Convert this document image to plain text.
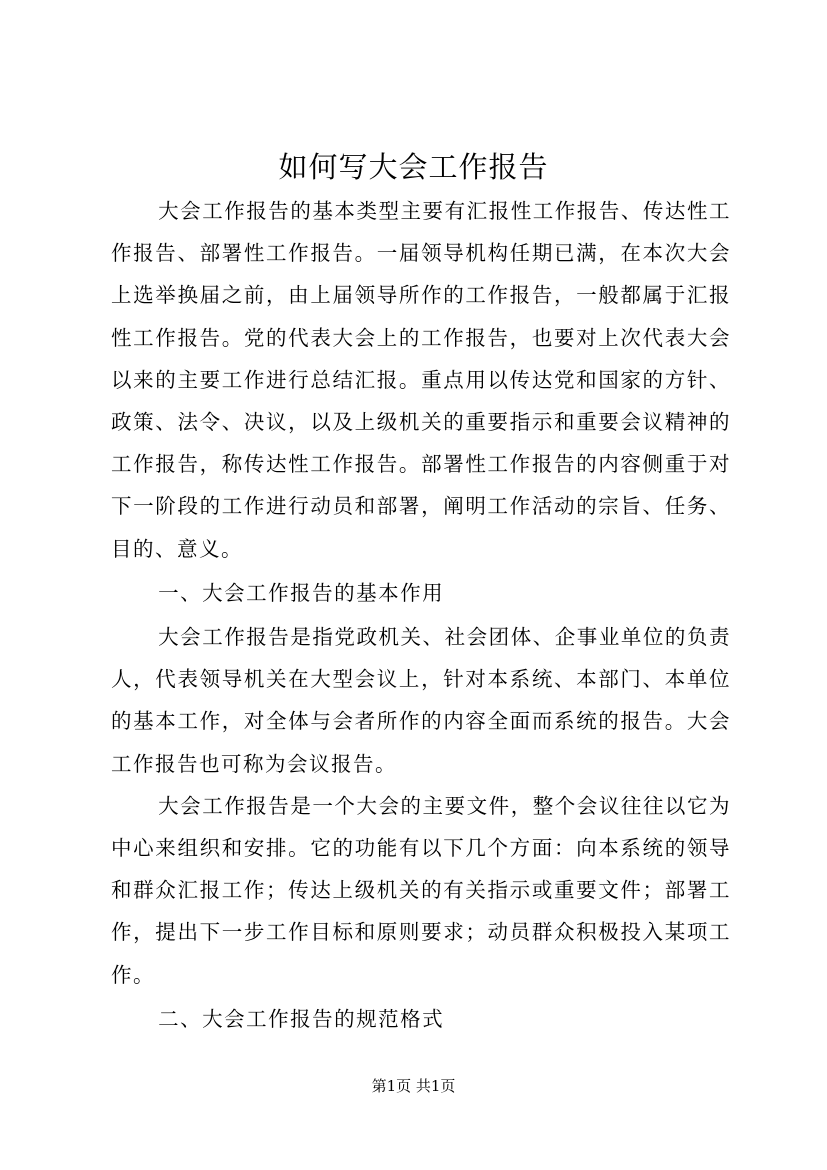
如何写大会工作报告

大会工作报告的基本类型主要有汇报性工作报告、传达性工作报告、部署性工作报告。一届领导机构任期已满，在本次大会上选举换届之前，由上届领导所作的工作报告，一般都属于汇报性工作报告。党的代表大会上的工作报告，也要对上次代表大会以来的主要工作进行总结汇报。重点用以传达党和国家的方针、政策、法令、决议，以及上级机关的重要指示和重要会议精神的工作报告，称传达性工作报告。部署性工作报告的内容侧重于对下一阶段的工作进行动员和部署，阐明工作活动的宗旨、任务、目的、意义。

一、大会工作报告的基本作用

大会工作报告是指党政机关、社会团体、企事业单位的负责人，代表领导机关在大型会议上，针对本系统、本部门、本单位的基本工作，对全体与会者所作的内容全面而系统的报告。大会工作报告也可称为会议报告。

大会工作报告是一个大会的主要文件，整个会议往往以它为中心来组织和安排。它的功能有以下几个方面：向本系统的领导和群众汇报工作；传达上级机关的有关指示或重要文件；部署工作，提出下一步工作目标和原则要求；动员群众积极投入某项工作。

二、大会工作报告的规范格式

第1页 共1页
